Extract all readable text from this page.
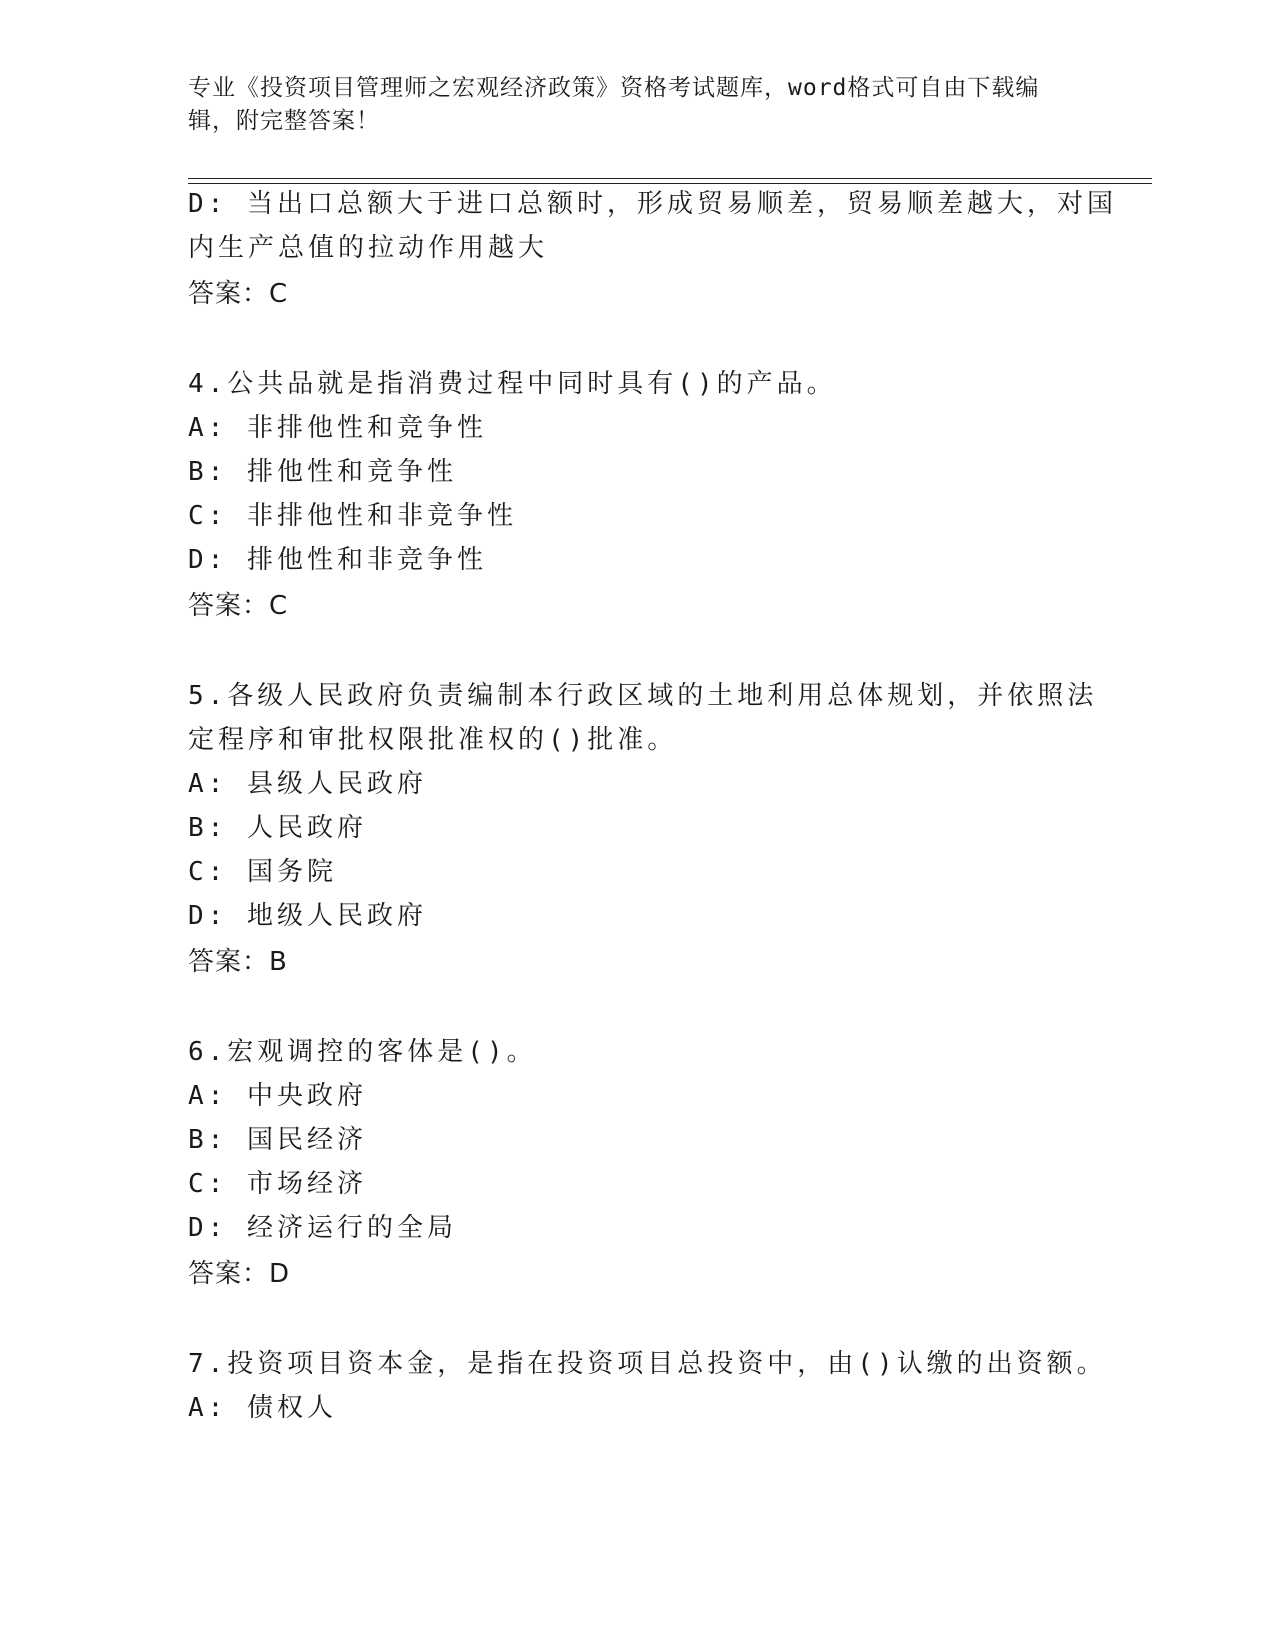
专业《投资项目管理师之宏观经济政策》资格考试题库，word格式可自由下载编
辑，附完整答案！
D: 当出口总额大于进口总额时，形成贸易顺差，贸易顺差越大，对国
内生产总值的拉动作用越大
答案：C
4.公共品就是指消费过程中同时具有()的产品。
A: 非排他性和竞争性
B: 排他性和竞争性
C: 非排他性和非竞争性
D: 排他性和非竞争性
答案：C
5.各级人民政府负责编制本行政区域的土地利用总体规划，并依照法
定程序和审批权限批准权的()批准。
A: 县级人民政府
B: 人民政府
C: 国务院
D: 地级人民政府
答案：B
6.宏观调控的客体是()。
A: 中央政府
B: 国民经济
C: 市场经济
D: 经济运行的全局
答案：D
7.投资项目资本金，是指在投资项目总投资中，由()认缴的出资额。
A: 债权人
